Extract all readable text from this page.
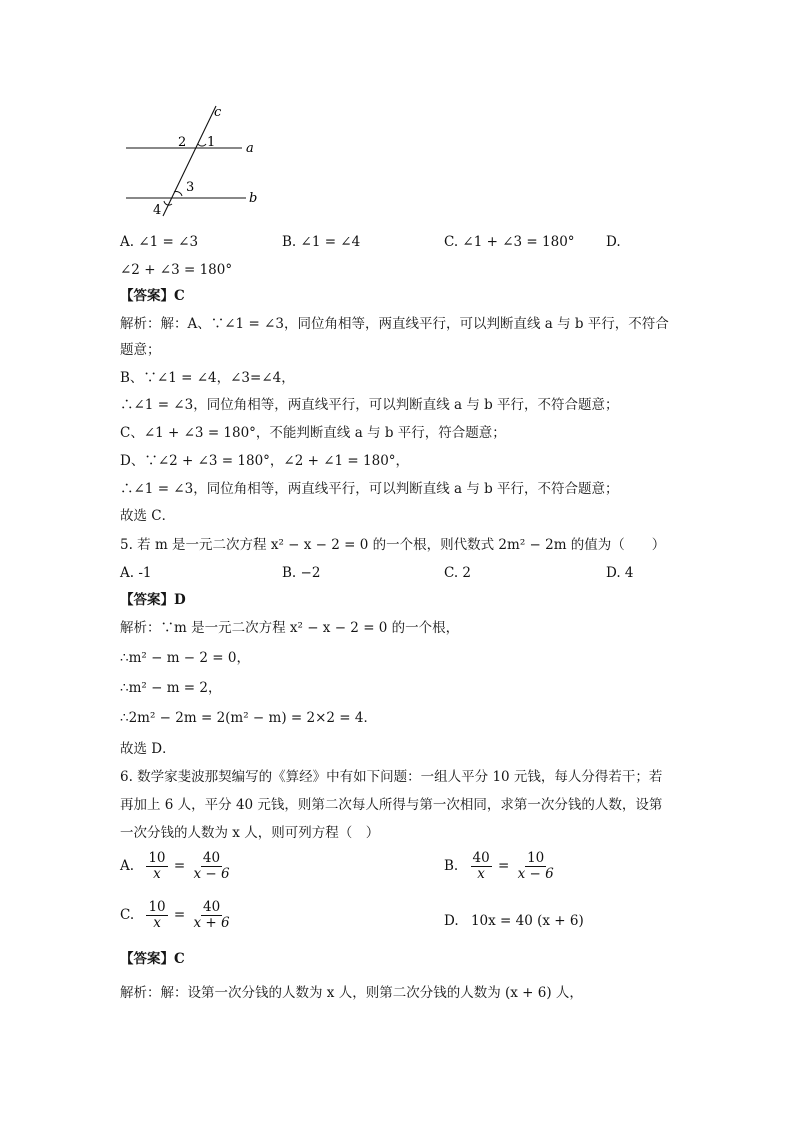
c
a
b
2 1
3
4
A. ∠1 = ∠3	B. ∠1 = ∠4	C. ∠1 + ∠3 = 180° D.
∠2 + ∠3 = 180°
【答案】C
解析：解：A、∵∠1 = ∠3，同位角相等，两直线平行，可以判断直线 a 与 b 平行，不符合
题意；
B、∵∠1 = ∠4，∠3=∠4，
∴∠1 = ∠3，同位角相等，两直线平行，可以判断直线 a 与 b 平行，不符合题意；
C、∠1 + ∠3 = 180°，不能判断直线 a 与 b 平行，符合题意；
D、∵∠2 + ∠3 = 180°，∠2 + ∠1 = 180°，
∴∠1 = ∠3，同位角相等，两直线平行，可以判断直线 a 与 b 平行，不符合题意；
故选 C．
5. 若 m 是一元二次方程 x² − x − 2 = 0 的一个根，则代数式 2m² − 2m 的值为（　　）
A. -1	B. −2	C. 2	D. 4
【答案】D
解析：∵m 是一元二次方程 x² − x − 2 = 0 的一个根，
∴m² − m − 2 = 0，
∴m² − m = 2，
∴2m² − 2m = 2(m² − m) = 2×2 = 4．
故选 D．
6. 数学家斐波那契编写的《算经》中有如下问题：一组人平分 10 元钱，每人分得若干；若
再加上 6 人，平分 40 元钱，则第二次每人所得与第一次相同，求第一次分钱的人数，设第
一次分钱的人数为 x 人，则可列方程（　）
A. $\frac{10}{x} = \frac{40}{x - 6}$	B. $\frac{40}{x} = \frac{10}{x - 6}$
C. $\frac{10}{x} = \frac{40}{x + 6}$	D. 10x = 40 (x + 6)
【答案】C
解析：解：设第一次分钱的人数为 x 人，则第二次分钱的人数为 (x + 6) 人，
